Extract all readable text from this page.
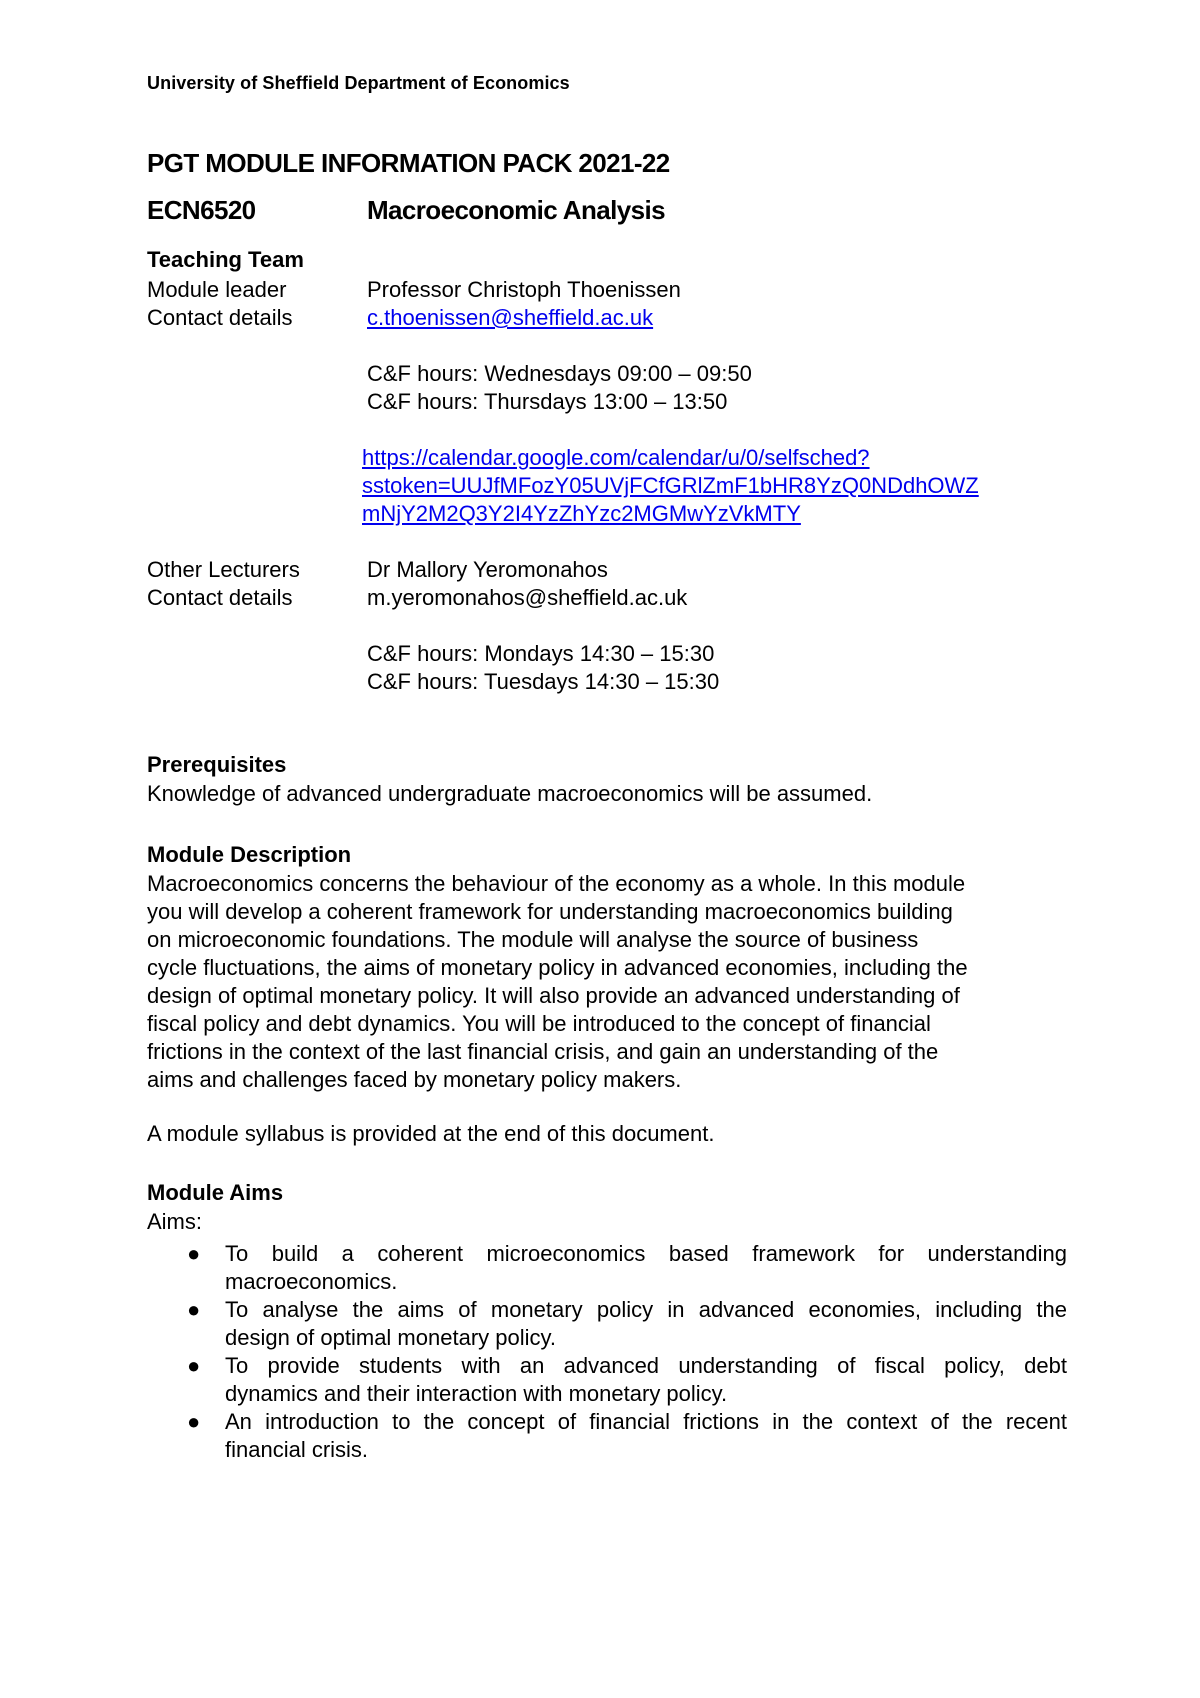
University of Sheffield Department of Economics
PGT MODULE INFORMATION PACK 2021-22
ECN6520	Macroeconomic Analysis
Teaching Team
Module leader	Professor Christoph Thoenissen
Contact details	c.thoenissen@sheffield.ac.uk
C&F hours: Wednesdays 09:00 – 09:50
C&F hours: Thursdays 13:00 – 13:50
https://calendar.google.com/calendar/u/0/selfsched?
sstoken=UUJfMFozY05UVjFCfGRlZmF1bHR8YzQ0NDdhOWZ
mNjY2M2Q3Y2I4YzZhYzc2MGMwYzVkMTY
Other Lecturers	Dr Mallory Yeromonahos
Contact details	m.yeromonahos@sheffield.ac.uk
C&F hours: Mondays 14:30 – 15:30
C&F hours: Tuesdays 14:30 – 15:30
Prerequisites
Knowledge of advanced undergraduate macroeconomics will be assumed.
Module Description
Macroeconomics concerns the behaviour of the economy as a whole. In this module
you will develop a coherent framework for understanding macroeconomics building
on microeconomic foundations. The module will analyse the source of business
cycle fluctuations, the aims of monetary policy in advanced economies, including the
design of optimal monetary policy. It will also provide an advanced understanding of
fiscal policy and debt dynamics. You will be introduced to the concept of financial
frictions in the context of the last financial crisis, and gain an understanding of the
aims and challenges faced by monetary policy makers.
A module syllabus is provided at the end of this document.
Module Aims
Aims:
● To build a coherent microeconomics based framework for understanding
macroeconomics.
● To analyse the aims of monetary policy in advanced economies, including the
design of optimal monetary policy.
● To provide students with an advanced understanding of fiscal policy, debt
dynamics and their interaction with monetary policy.
● An introduction to the concept of financial frictions in the context of the recent
financial crisis.
